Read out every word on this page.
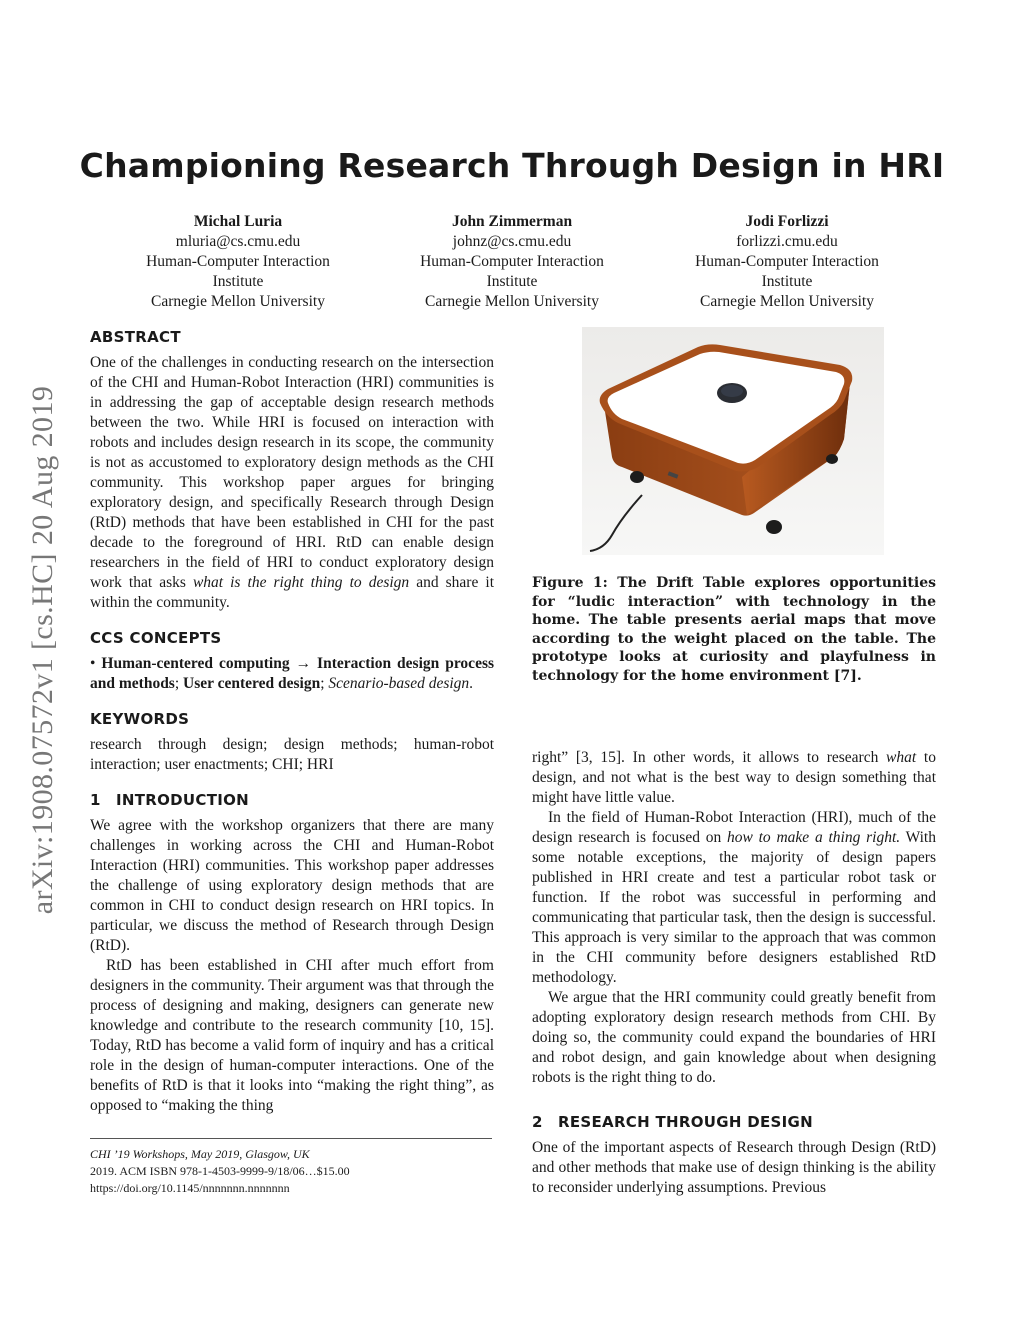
Championing Research Through Design in HRI
Michal Luria
mluria@cs.cmu.edu
Human-Computer Interaction
Institute
Carnegie Mellon University
John Zimmerman
johnz@cs.cmu.edu
Human-Computer Interaction
Institute
Carnegie Mellon University
Jodi Forlizzi
forlizzi.cmu.edu
Human-Computer Interaction
Institute
Carnegie Mellon University
arXiv:1908.07572v1 [cs.HC] 20 Aug 2019
ABSTRACT

One of the challenges in conducting research on the intersection of the CHI and Human-Robot Interaction (HRI) communities is in addressing the gap of acceptable design research methods between the two. While HRI is focused on interaction with robots and includes design research in its scope, the community is not as accustomed to exploratory design methods as the CHI community. This workshop paper argues for bringing exploratory design, and specifically Research through Design (RtD) methods that have been established in CHI for the past decade to the foreground of HRI. RtD can enable design researchers in the field of HRI to conduct exploratory design work that asks what is the right thing to design and share it within the community.

CCS CONCEPTS

• Human-centered computing → Interaction design process and methods; User centered design; Scenario-based design.

KEYWORDS

research through design; design methods; human-robot interaction; user enactments; CHI; HRI

1 INTRODUCTION

We agree with the workshop organizers that there are many challenges in working across the CHI and Human-Robot Interaction (HRI) communities. This workshop paper addresses the challenge of using exploratory design methods that are common in CHI to conduct design research on HRI topics. In particular, we discuss the method of Research through Design (RtD).

RtD has been established in CHI after much effort from designers in the community. Their argument was that through the process of designing and making, designers can generate new knowledge and contribute to the research community [10, 15]. Today, RtD has become a valid form of inquiry and has a critical role in the design of human-computer interactions. One of the benefits of RtD is that it looks into “making the right thing”, as opposed to “making the thing

CHI ’19 Workshops, May 2019, Glasgow, UK
2019. ACM ISBN 978-1-4503-9999-9/18/06…$15.00
https://doi.org/10.1145/nnnnnnn.nnnnnnn
Figure 1: The Drift Table explores opportunities for “ludic interaction” with technology in the home. The table presents aerial maps that move according to the weight placed on the table. The prototype looks at curiosity and playfulness in technology for the home environment [7].

right” [3, 15]. In other words, it allows to research what to design, and not what is the best way to design something that might have little value.

In the field of Human-Robot Interaction (HRI), much of the design research is focused on how to make a thing right. With some notable exceptions, the majority of design papers published in HRI create and test a particular robot task or function. If the robot was successful in performing and communicating that particular task, then the design is successful. This approach is very similar to the approach that was common in the CHI community before designers established RtD methodology.

We argue that the HRI community could greatly benefit from adopting exploratory design research methods from CHI. By doing so, the community could expand the boundaries of HRI and robot design, and gain knowledge about when designing robots is the right thing to do.

2 RESEARCH THROUGH DESIGN

One of the important aspects of Research through Design (RtD) and other methods that make use of design thinking is the ability to reconsider underlying assumptions. Previous
